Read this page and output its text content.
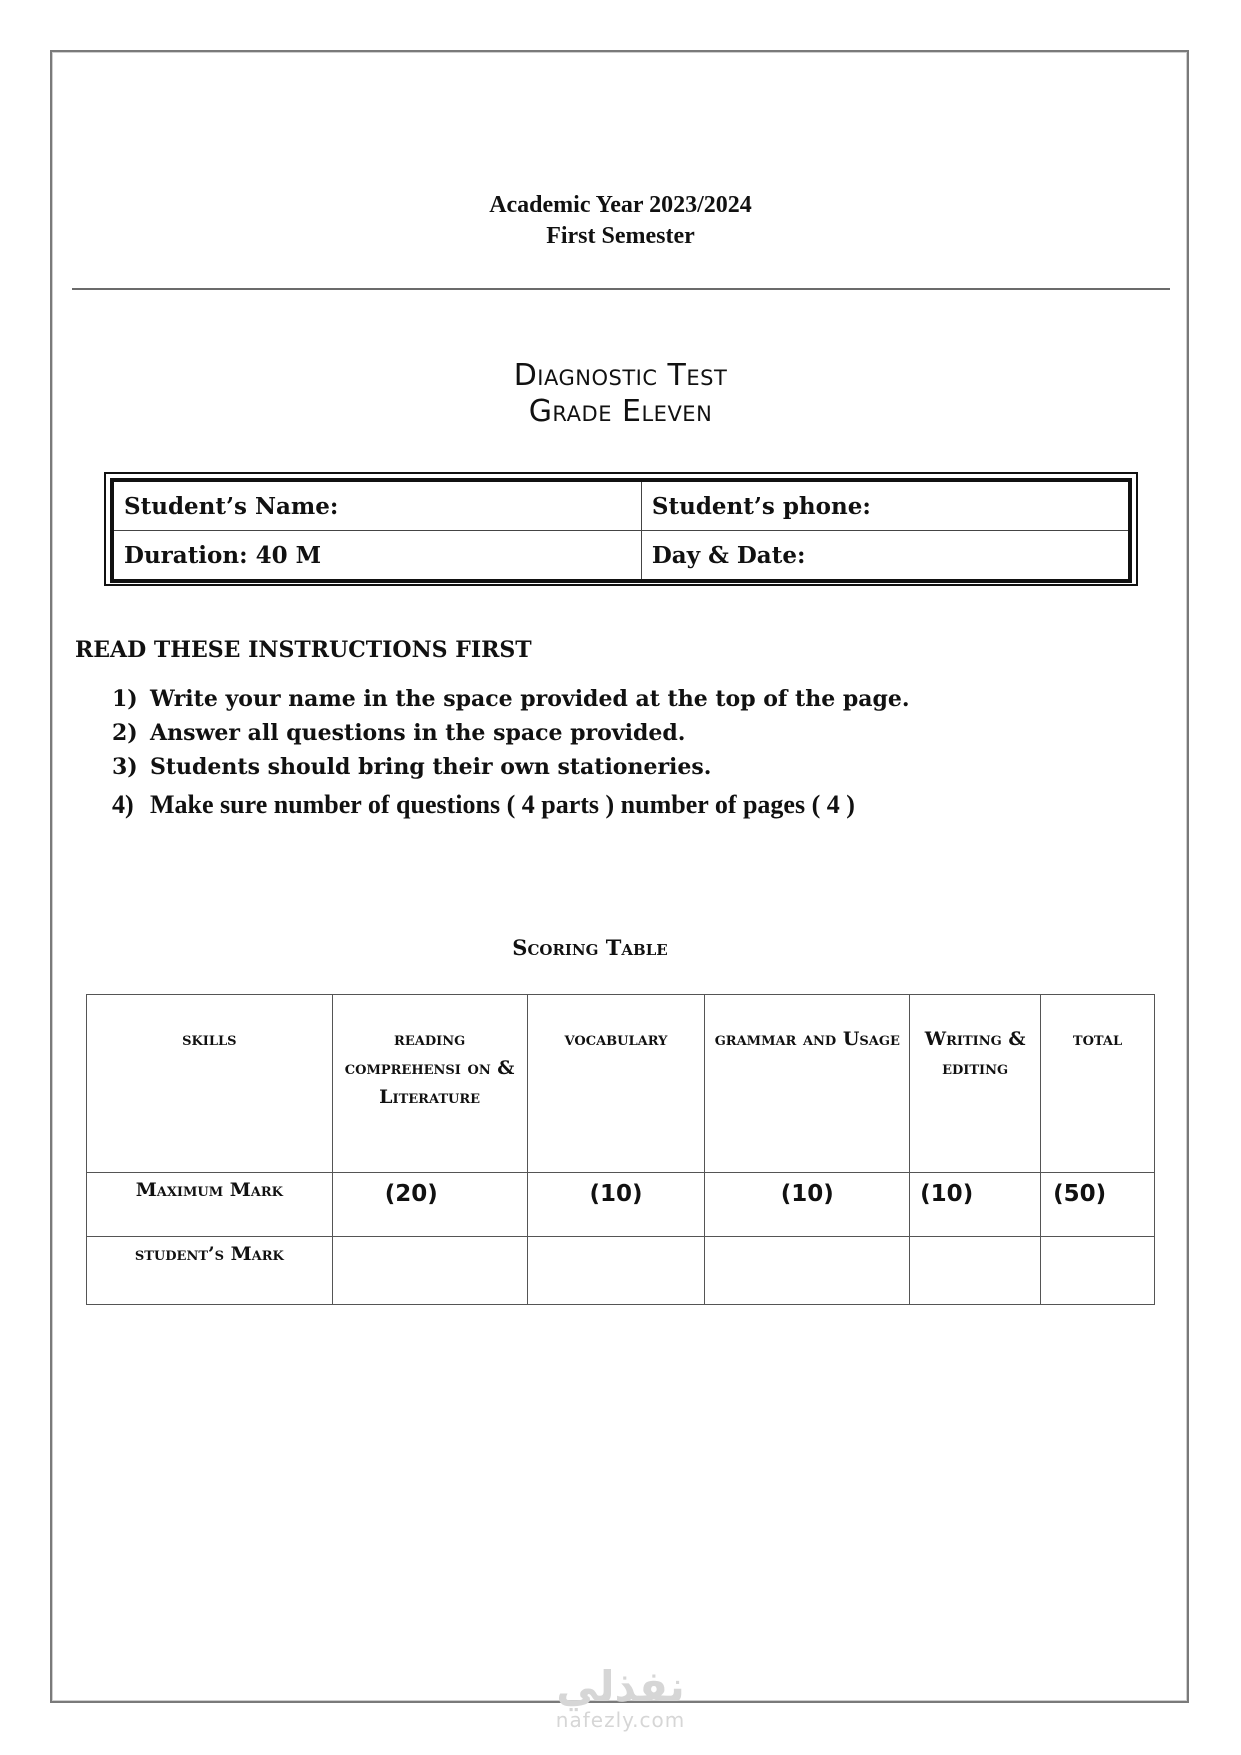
Academic Year 2023/2024
First Semester
Diagnostic Test
Grade Eleven
Student’s Name:	Student’s phone:
Duration: 40 M	Day & Date:
READ THESE INSTRUCTIONS FIRST
1) Write your name in the space provided at the top of the page.
2) Answer all questions in the space provided.
3) Students should bring their own stationeries.
4) Make sure number of questions ( 4 parts ) number of pages ( 4 )
Scoring Table
skills	reading comprehensi on & Literature	vocabulary	grammar and Usage	Writing & editing	total
Maximum Mark	(20)	(10)	(10)	(10)	(50)
student’s Mark					
نفذلي
nafezly.com
